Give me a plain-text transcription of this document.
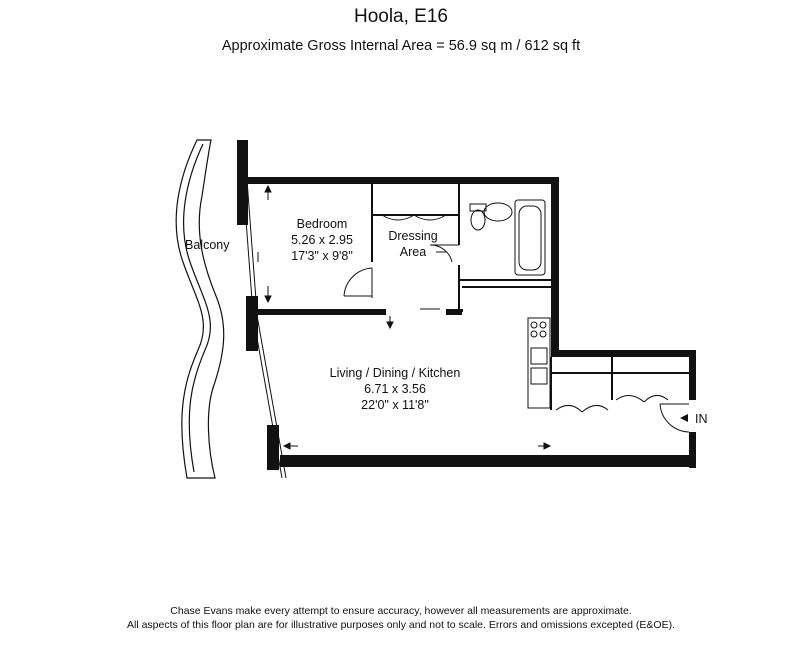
Hoola, E16
Approximate Gross Internal Area = 56.9 sq m / 612 sq ft
Balcony
Bedroom
5.26 x 2.95
17'3" x 9'8"
Dressing
Area
Living / Dining / Kitchen
6.71 x 3.56
22'0" x 11'8"
IN
Chase Evans make every attempt to ensure accuracy, however all measurements are approximate.
All aspects of this floor plan are for illustrative purposes only and not to scale. Errors and omissions excepted (E&OE).
